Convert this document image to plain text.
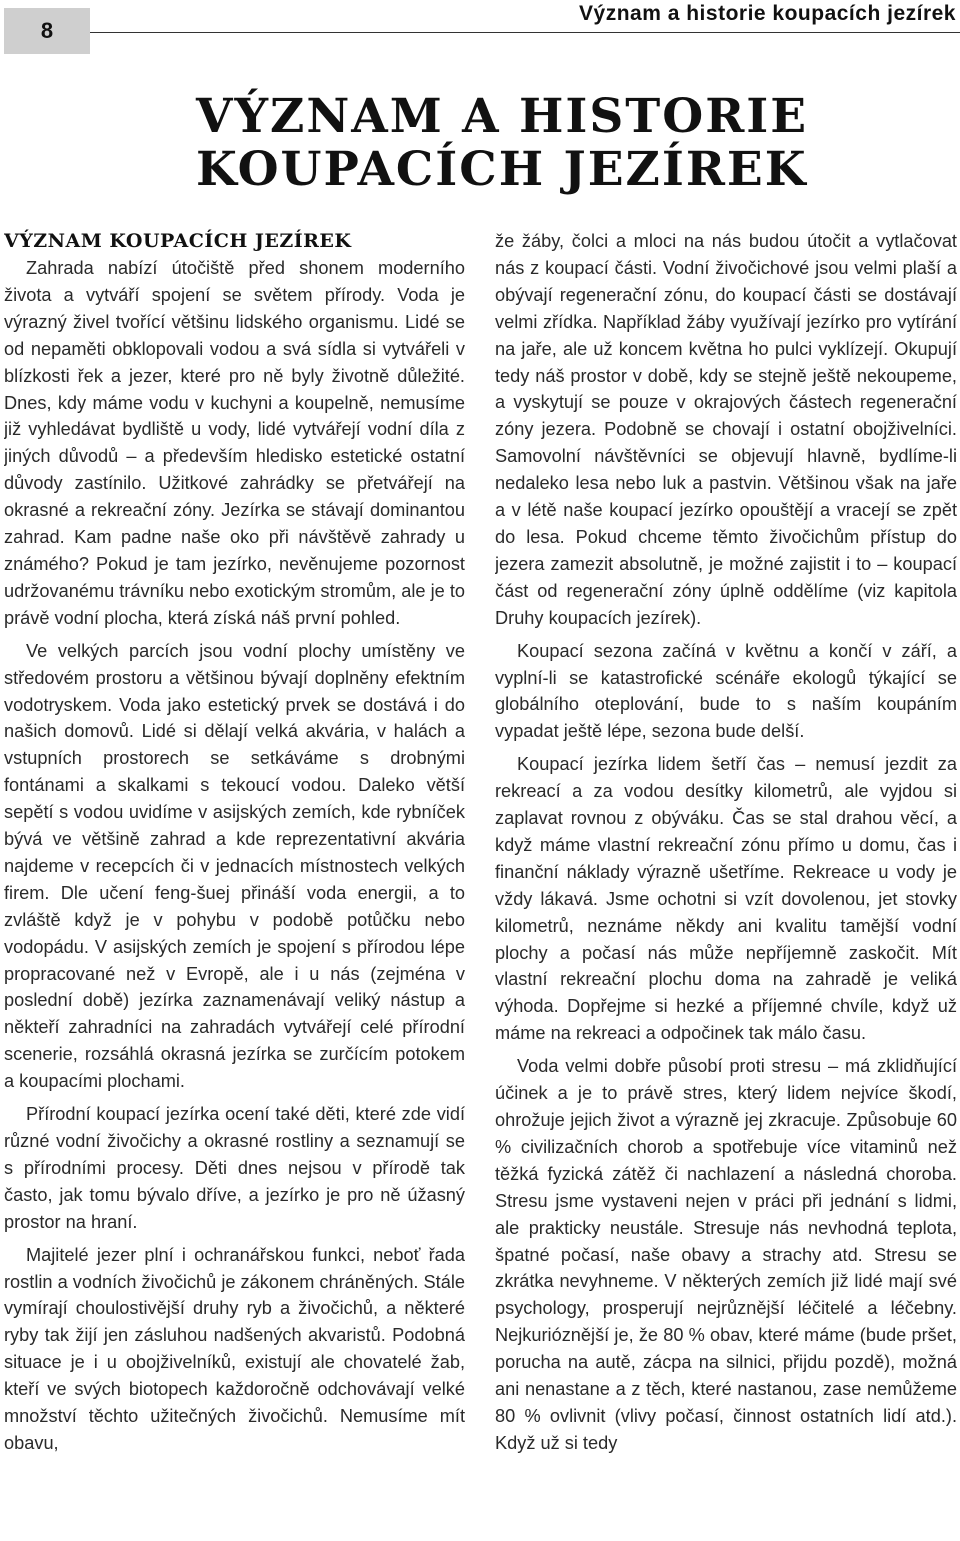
8
Význam a historie koupacích jezírek
VÝZNAM A HISTORIE KOUPACÍCH JEZÍREK
VÝZNAM KOUPACÍCH JEZÍREK

Zahrada nabízí útočiště před shonem moderního života a vytváří spojení se světem přírody. Voda je výrazný živel tvořící většinu lidského organismu. Lidé se od nepaměti obklopovali vodou a svá sídla si vytvářeli v blízkosti řek a jezer, které pro ně byly životně důležité. Dnes, kdy máme vodu v kuchyni a koupelně, nemusíme již vyhledávat bydliště u vody, lidé vytvářejí vodní díla z jiných důvodů – a především hledisko estetické ostatní důvody zastínilo. Užitkové zahrádky se přetvářejí na okrasné a rekreační zóny. Jezírka se stávají dominantou zahrad. Kam padne naše oko při návštěvě zahrady u známého? Pokud je tam jezírko, nevěnujeme pozornost udržovanému trávníku nebo exotickým stromům, ale je to právě vodní plocha, která získá náš první pohled.

Ve velkých parcích jsou vodní plochy umístěny ve středovém prostoru a většinou bývají doplněny efektním vodotryskem. Voda jako estetický prvek se dostává i do našich domovů. Lidé si dělají velká akvária, v halách a vstupních prostorech se setkáváme s drobnými fontánami a skalkami s tekoucí vodou. Daleko větší sepětí s vodou uvidíme v asijských zemích, kde rybníček bývá ve většině zahrad a kde reprezentativní akvária najdeme v recepcích či v jednacích místnostech velkých firem. Dle učení feng-šuej přináší voda energii, a to zvláště když je v pohybu v podobě potůčku nebo vodopádu. V asijských zemích je spojení s přírodou lépe propracované než v Evropě, ale i u nás (zejména v poslední době) jezírka zaznamenávají veliký nástup a někteří zahradníci na zahradách vytvářejí celé přírodní scenerie, rozsáhlá okrasná jezírka se zurčícím potokem a koupacími plochami.

Přírodní koupací jezírka ocení také děti, které zde vidí různé vodní živočichy a okrasné rostliny a seznamují se s přírodními procesy. Děti dnes nejsou v přírodě tak často, jak tomu bývalo dříve, a jezírko je pro ně úžasný prostor na hraní.

Majitelé jezer plní i ochranářskou funkci, neboť řada rostlin a vodních živočichů je zákonem chráněných. Stále vymírají choulostivější druhy ryb a živočichů, a některé ryby tak žijí jen zásluhou nadšených akvaristů. Podobná situace je i u obojživelníků, existují ale chovatelé žab, kteří ve svých biotopech každoročně odchovávají velké množství těchto užitečných živočichů. Nemusíme mít obavu,

že žáby, čolci a mloci na nás budou útočit a vytlačovat nás z koupací části. Vodní živočichové jsou velmi plaší a obývají regenerační zónu, do koupací části se dostávají velmi zřídka. Například žáby využívají jezírko pro vytírání na jaře, ale už koncem května ho pulci vyklízejí. Okupují tedy náš prostor v době, kdy se stejně ještě nekoupeme, a vyskytují se pouze v okrajových částech regenerační zóny jezera. Podobně se chovají i ostatní obojživelníci. Samovolní návštěvníci se objevují hlavně, bydlíme-li nedaleko lesa nebo luk a pastvin. Většinou však na jaře a v létě naše koupací jezírko opouštějí a vracejí se zpět do lesa. Pokud chceme těmto živočichům přístup do jezera zamezit absolutně, je možné zajistit i to – koupací část od regenerační zóny úplně oddělíme (viz kapitola Druhy koupacích jezírek).

Koupací sezona začíná v květnu a končí v září, a vyplní-li se katastrofické scénáře ekologů týkající se globálního oteplování, bude to s naším koupáním vypadat ještě lépe, sezona bude delší.

Koupací jezírka lidem šetří čas – nemusí jezdit za rekreací a za vodou desítky kilometrů, ale vyjdou si zaplavat rovnou z obýváku. Čas se stal drahou věcí, a když máme vlastní rekreační zónu přímo u domu, čas i finanční náklady výrazně ušetříme. Rekreace u vody je vždy lákavá. Jsme ochotni si vzít dovolenou, jet stovky kilometrů, neznáme někdy ani kvalitu tamější vodní plochy a počasí nás může nepříjemně zaskočit. Mít vlastní rekreační plochu doma na zahradě je veliká výhoda. Dopřejme si hezké a příjemné chvíle, když už máme na rekreaci a odpočinek tak málo času.

Voda velmi dobře působí proti stresu – má zklidňující účinek a je to právě stres, který lidem nejvíce škodí, ohrožuje jejich život a výrazně jej zkracuje. Způsobuje 60 % civilizačních chorob a spotřebuje více vitaminů než těžká fyzická zátěž či nachlazení a následná choroba. Stresu jsme vystaveni nejen v práci při jednání s lidmi, ale prakticky neustále. Stresuje nás nevhodná teplota, špatné počasí, naše obavy a strachy atd. Stresu se zkrátka nevyhneme. V některých zemích již lidé mají své psychology, prosperují nejrůznější léčitelé a léčebny. Nejkurióznější je, že 80 % obav, které máme (bude pršet, porucha na autě, zácpa na silnici, přijdu pozdě), možná ani nenastane a z těch, které nastanou, zase nemůžeme 80 % ovlivnit (vlivy počasí, činnost ostatních lidí atd.). Když už si tedy
